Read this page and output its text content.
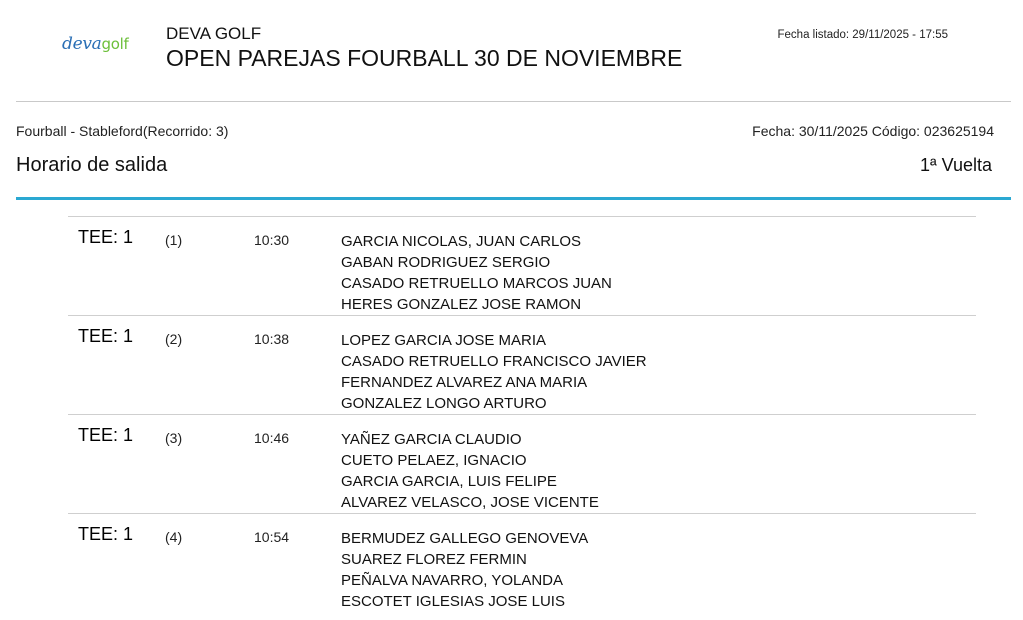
devagolf
DEVA GOLF
OPEN PAREJAS FOURBALL 30 DE NOVIEMBRE
Fecha listado: 29/11/2025 - 17:55
Fourball - Stableford(Recorrido: 3)	Fecha: 30/11/2025 Código: 023625194
Horario de salida	1ª Vuelta
TEE: 1 (1)	10:30	GARCIA NICOLAS, JUAN CARLOS
GABAN RODRIGUEZ SERGIO
CASADO RETRUELLO MARCOS JUAN
HERES GONZALEZ JOSE RAMON
TEE: 1 (2)	10:38	LOPEZ GARCIA JOSE MARIA
CASADO RETRUELLO FRANCISCO JAVIER
FERNANDEZ ALVAREZ ANA MARIA
GONZALEZ LONGO ARTURO
TEE: 1 (3)	10:46	YAÑEZ GARCIA CLAUDIO
CUETO PELAEZ, IGNACIO
GARCIA GARCIA, LUIS FELIPE
ALVAREZ VELASCO, JOSE VICENTE
TEE: 1 (4)	10:54	BERMUDEZ GALLEGO GENOVEVA
SUAREZ FLOREZ FERMIN
PEÑALVA NAVARRO, YOLANDA
ESCOTET IGLESIAS JOSE LUIS
